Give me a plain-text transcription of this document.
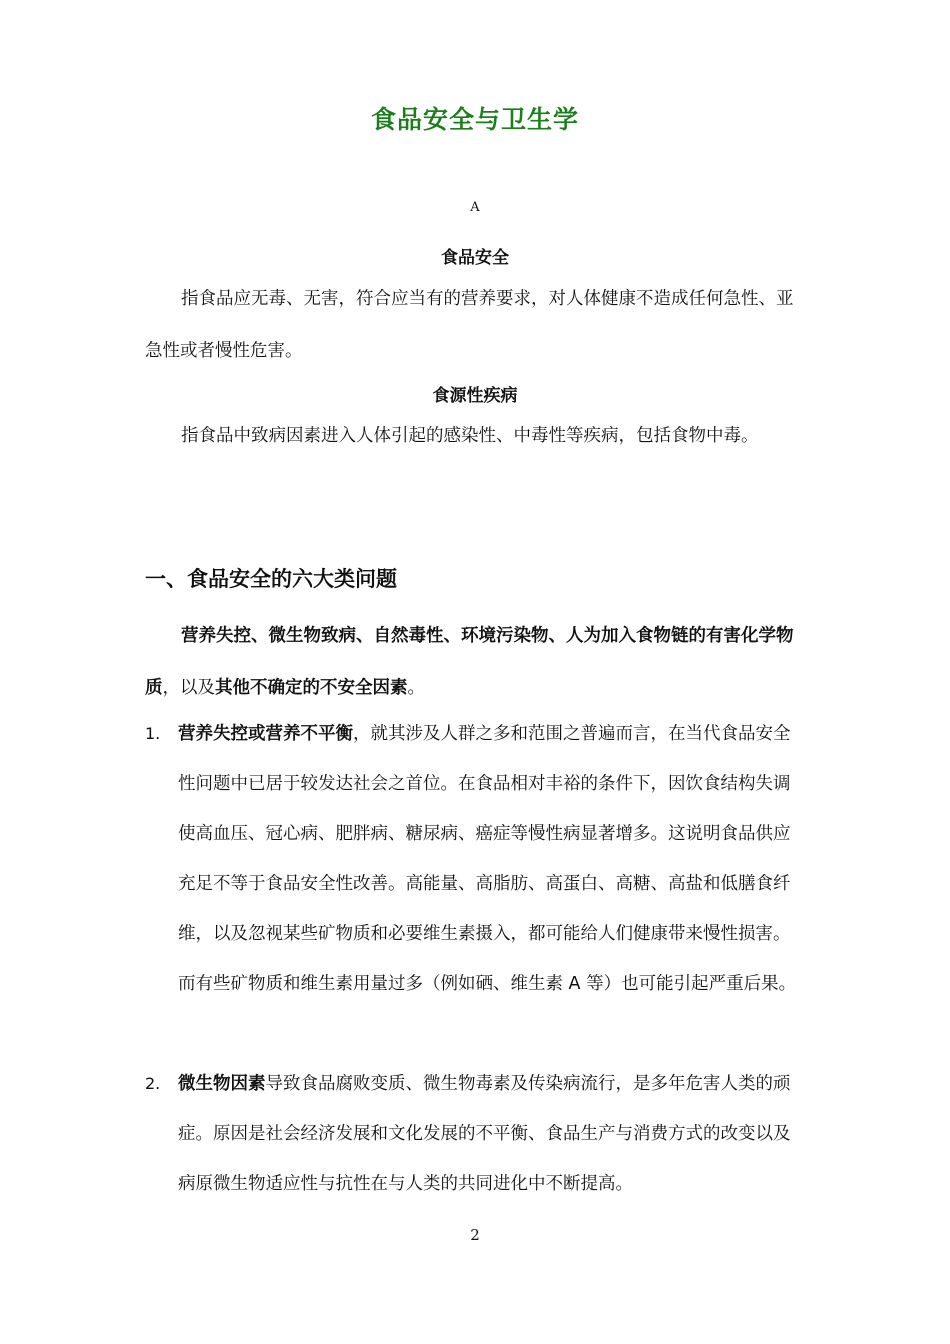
食品安全与卫生学
A
食品安全
指食品应无毒、无害，符合应当有的营养要求，对人体健康不造成任何急性、亚急性或者慢性危害。
食源性疾病
指食品中致病因素进入人体引起的感染性、中毒性等疾病，包括食物中毒。
一、食品安全的六大类问题
营养失控、微生物致病、自然毒性、环境污染物、人为加入食物链的有害化学物质，以及其他不确定的不安全因素。
1. 营养失控或营养不平衡，就其涉及人群之多和范围之普遍而言，在当代食品安全性问题中已居于较发达社会之首位。在食品相对丰裕的条件下，因饮食结构失调使高血压、冠心病、肥胖病、糖尿病、癌症等慢性病显著增多。这说明食品供应充足不等于食品安全性改善。高能量、高脂肪、高蛋白、高糖、高盐和低膳食纤维，以及忽视某些矿物质和必要维生素摄入，都可能给人们健康带来慢性损害。而有些矿物质和维生素用量过多（例如硒、维生素 A 等）也可能引起严重后果。
2. 微生物因素导致食品腐败变质、微生物毒素及传染病流行，是多年危害人类的顽症。原因是社会经济发展和文化发展的不平衡、食品生产与消费方式的改变以及病原微生物适应性与抗性在与人类的共同进化中不断提高。
2
